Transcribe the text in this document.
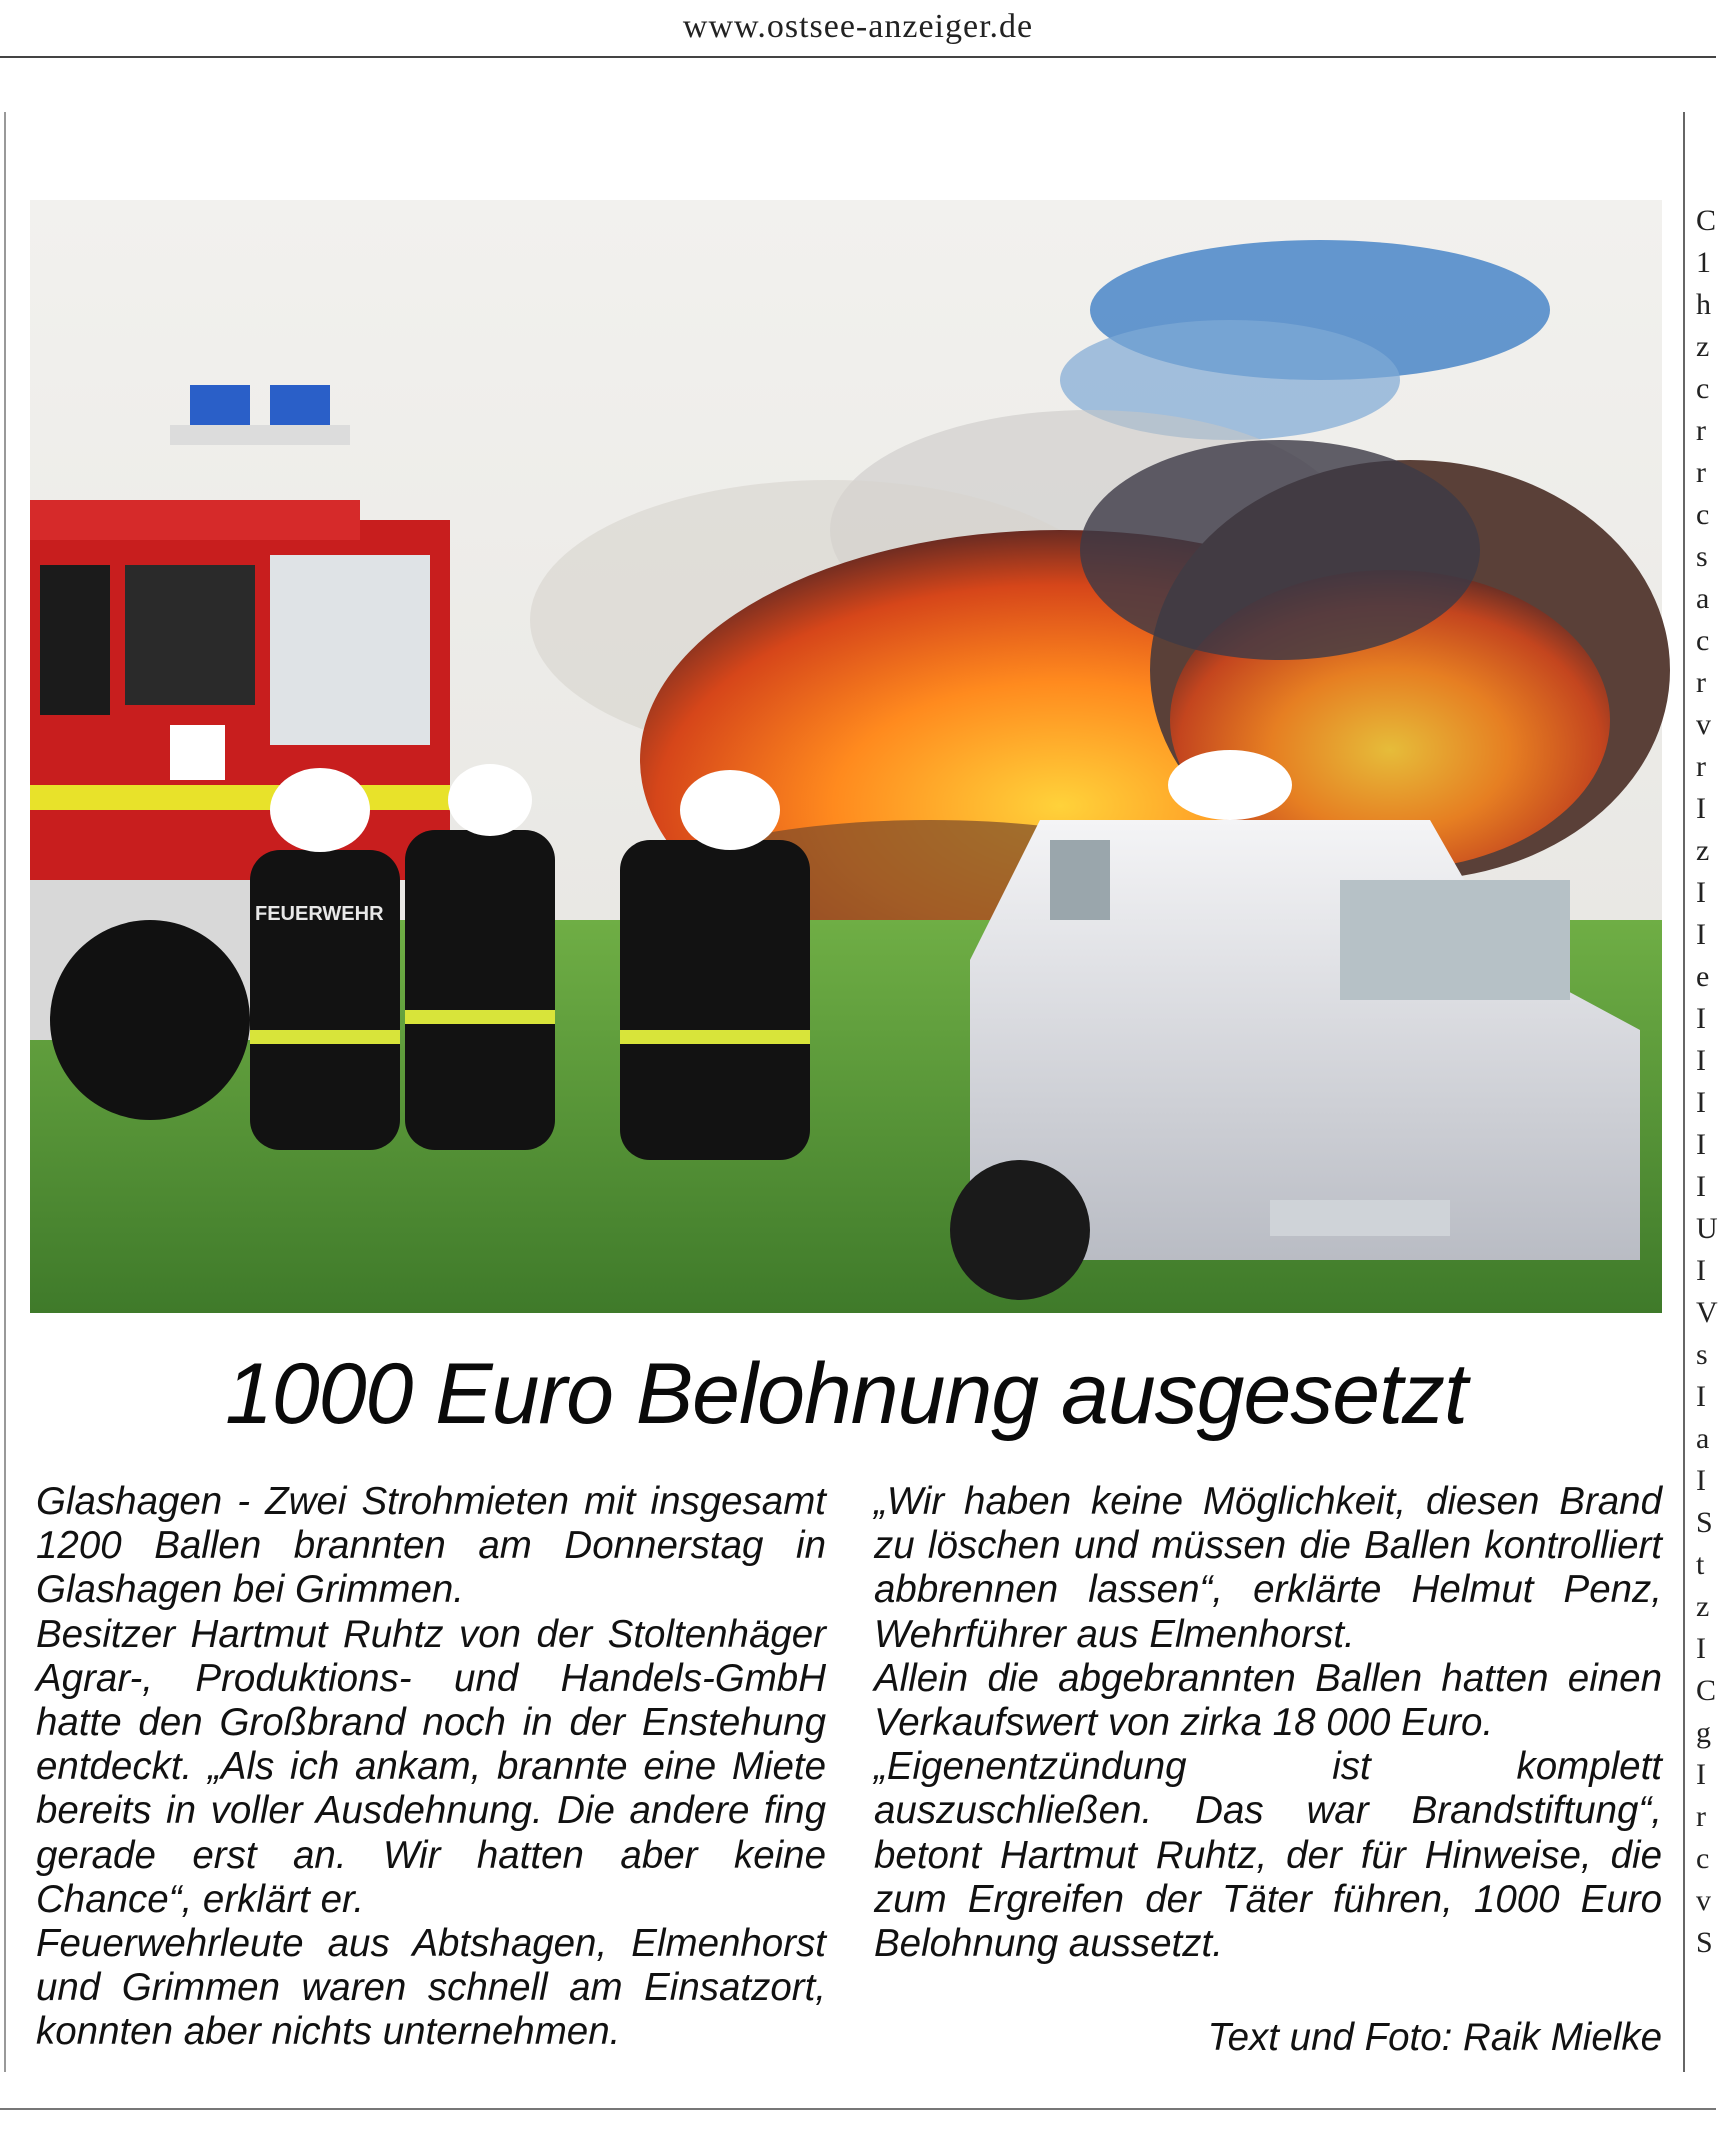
www.ostsee-anzeiger.de
FEUERWEHR
1000 Euro Belohnung ausgesetzt

Glashagen - Zwei Strohmieten mit insgesamt 1200 Ballen brannten am Donnerstag in Glashagen bei Grimmen.

Besitzer Hartmut Ruhtz von der Stoltenhäger Agrar-, Produktions- und Handels-GmbH hatte den Großbrand noch in der Enstehung entdeckt. „Als ich ankam, brannte eine Miete bereits in voller Ausdehnung. Die andere fing gerade erst an. Wir hatten aber keine Chance“, erklärt er.

Feuerwehrleute aus Abtshagen, Elmenhorst und Grimmen waren schnell am Einsatzort, konnten aber nichts unternehmen.

„Wir haben keine Möglichkeit, diesen Brand zu löschen und müssen die Ballen kontrolliert abbrennen lassen“, erklärte Helmut Penz, Wehrführer aus Elmenhorst.

Allein die abgebrannten Ballen hatten einen Verkaufswert von zirka 18 000 Euro.

„Eigenentzündung ist komplett auszuschließen. Das war Brandstiftung“, betont Hartmut Ruhtz, der für Hinweise, die zum Ergreifen der Täter führen, 1000 Euro Belohnung aussetzt.

Text und Foto: Raik Mielke
C
1
h
z
c
r
r
c
s
a
c
r
v
r
I
z
I
I
e
I
I
I
I
I
U
I
V
s
I
a
I
S
t
z
I
C
g
I
r
c
v
S
